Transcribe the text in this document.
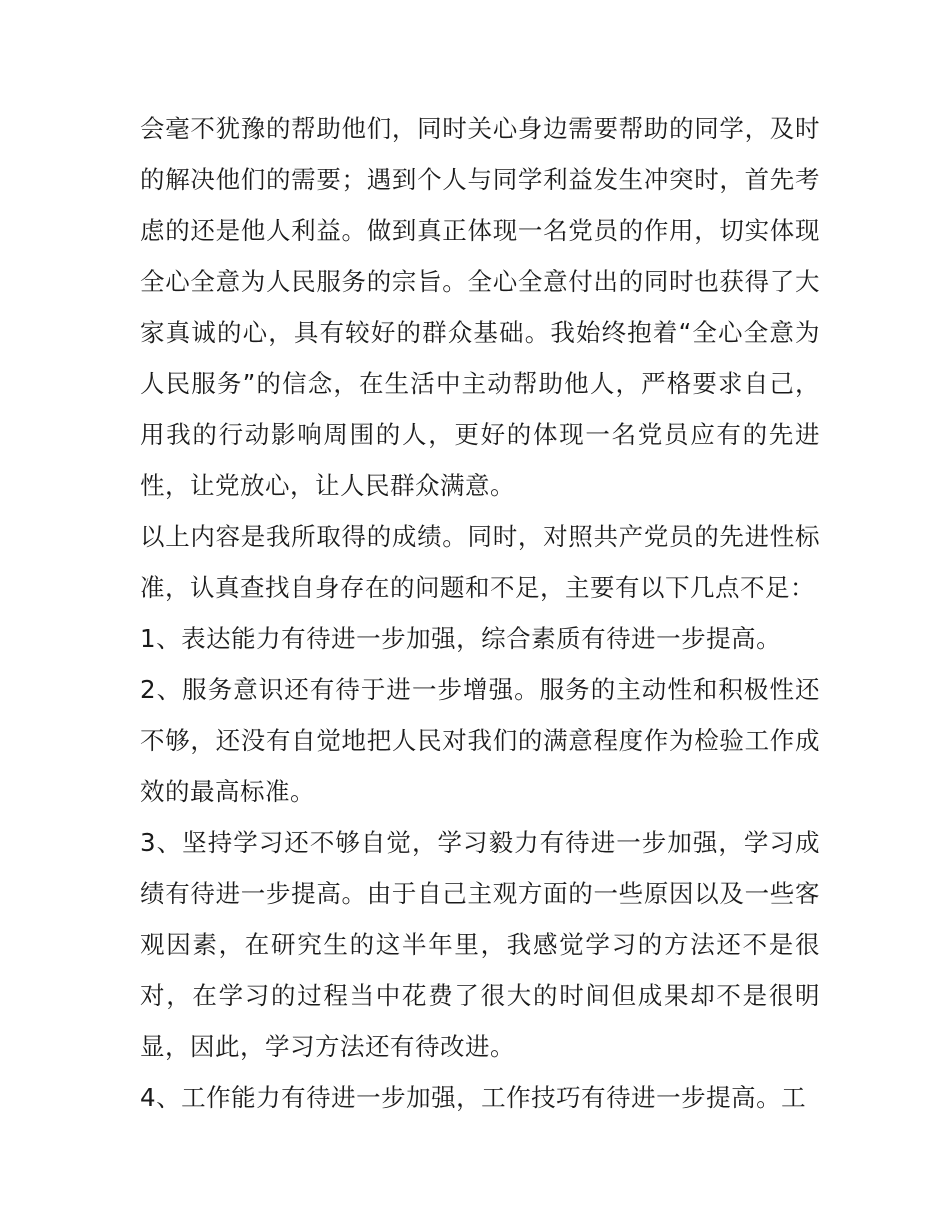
会毫不犹豫的帮助他们，同时关心身边需要帮助的同学，及时的解决他们的需要；遇到个人与同学利益发生冲突时，首先考虑的还是他人利益。做到真正体现一名党员的作用，切实体现全心全意为人民服务的宗旨。全心全意付出的同时也获得了大家真诚的心，具有较好的群众基础。我始终抱着“全心全意为人民服务”的信念，在生活中主动帮助他人，严格要求自己，用我的行动影响周围的人，更好的体现一名党员应有的先进性，让党放心，让人民群众满意。

以上内容是我所取得的成绩。同时，对照共产党员的先进性标准，认真查找自身存在的问题和不足，主要有以下几点不足：

1、表达能力有待进一步加强，综合素质有待进一步提高。

2、服务意识还有待于进一步增强。服务的主动性和积极性还不够，还没有自觉地把人民对我们的满意程度作为检验工作成效的最高标准。

3、坚持学习还不够自觉，学习毅力有待进一步加强，学习成绩有待进一步提高。由于自己主观方面的一些原因以及一些客观因素，在研究生的这半年里，我感觉学习的方法还不是很对，在学习的过程当中花费了很大的时间但成果却不是很明显，因此，学习方法还有待改进。

4、工作能力有待进一步加强，工作技巧有待进一步提高。工
